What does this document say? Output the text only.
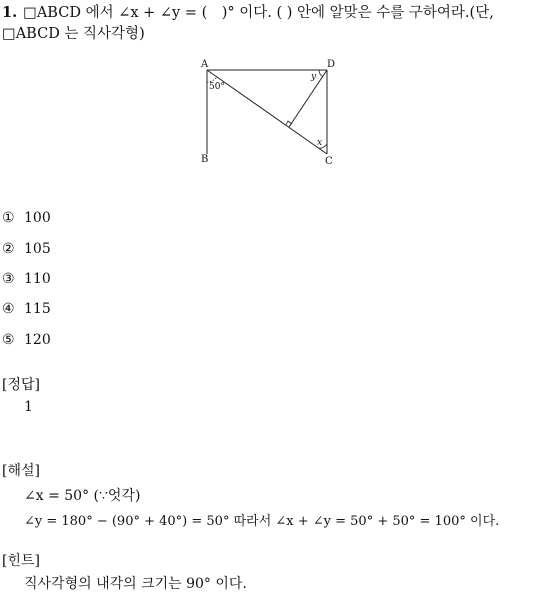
1. □ABCD 에서 ∠x + ∠y = (　)° 이다. ( ) 안에 알맞은 수를 구하여라.(단,
□ABCD 는 직사각형)
A	D
B	C
50°
y
x
① 100
② 105
③ 110
④ 115
⑤ 120
[정답]
1
[해설]
∠x = 50° (∵엇각)
∠y = 180° − (90° + 40°) = 50° 따라서 ∠x + ∠y = 50° + 50° = 100° 이다.
[힌트]
직사각형의 내각의 크기는 90° 이다.
